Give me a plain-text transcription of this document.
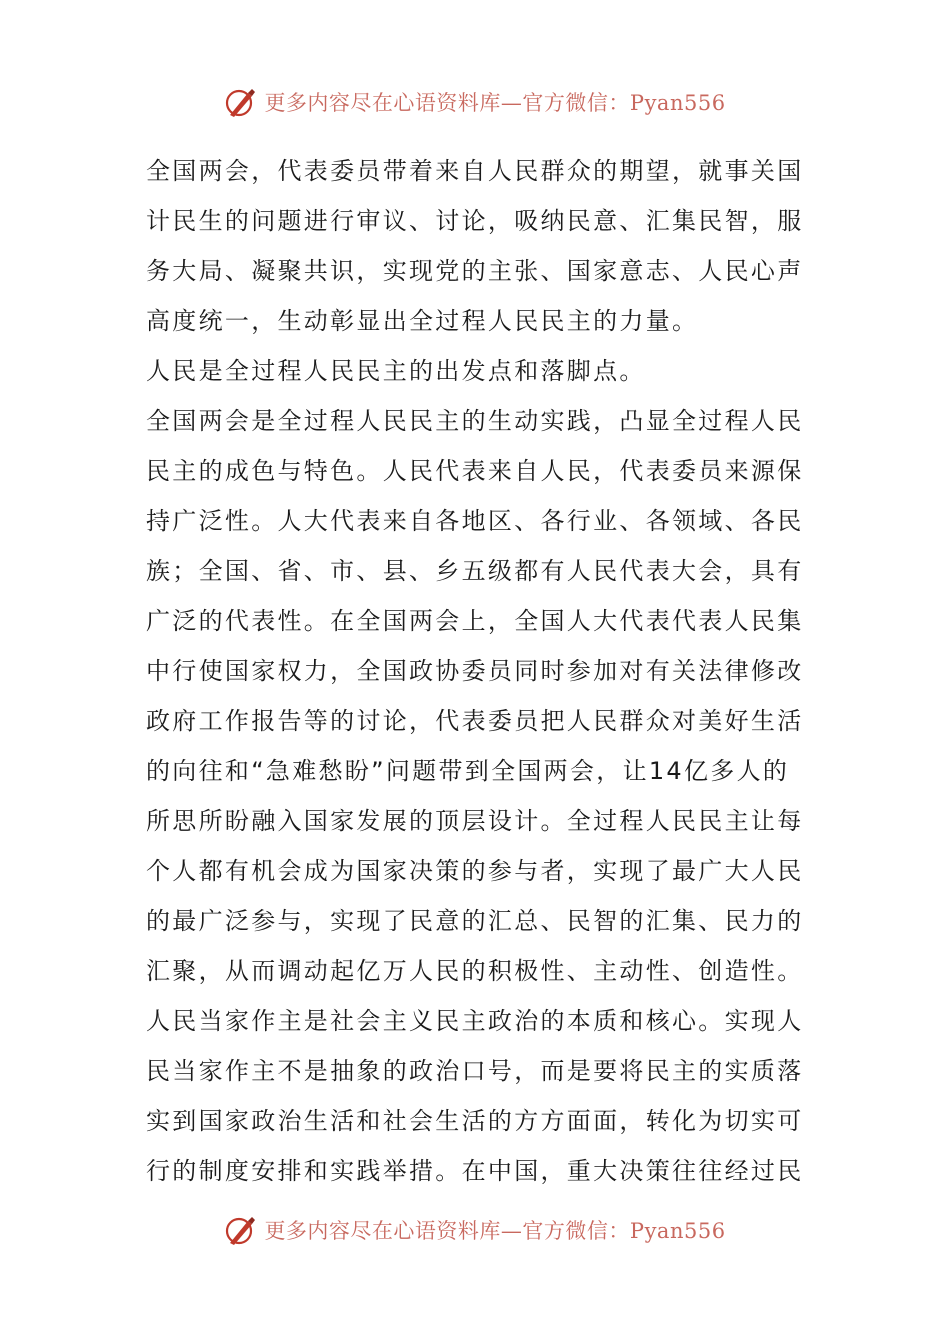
更多内容尽在心语资料库—官方微信：Pyan556
全国两会，代表委员带着来自人民群众的期望，就事关国
计民生的问题进行审议、讨论，吸纳民意、汇集民智，服
务大局、凝聚共识，实现党的主张、国家意志、人民心声
高度统一，生动彰显出全过程人民民主的力量。
人民是全过程人民民主的出发点和落脚点。
全国两会是全过程人民民主的生动实践，凸显全过程人民
民主的成色与特色。人民代表来自人民，代表委员来源保
持广泛性。人大代表来自各地区、各行业、各领域、各民
族；全国、省、市、县、乡五级都有人民代表大会，具有
广泛的代表性。在全国两会上，全国人大代表代表人民集
中行使国家权力，全国政协委员同时参加对有关法律修改
政府工作报告等的讨论，代表委员把人民群众对美好生活
的向往和“急难愁盼”问题带到全国两会，让14亿多人的
所思所盼融入国家发展的顶层设计。全过程人民民主让每
个人都有机会成为国家决策的参与者，实现了最广大人民
的最广泛参与，实现了民意的汇总、民智的汇集、民力的
汇聚，从而调动起亿万人民的积极性、主动性、创造性。
人民当家作主是社会主义民主政治的本质和核心。实现人
民当家作主不是抽象的政治口号，而是要将民主的实质落
实到国家政治生活和社会生活的方方面面，转化为切实可
行的制度安排和实践举措。在中国，重大决策往往经过民
更多内容尽在心语资料库—官方微信：Pyan556
